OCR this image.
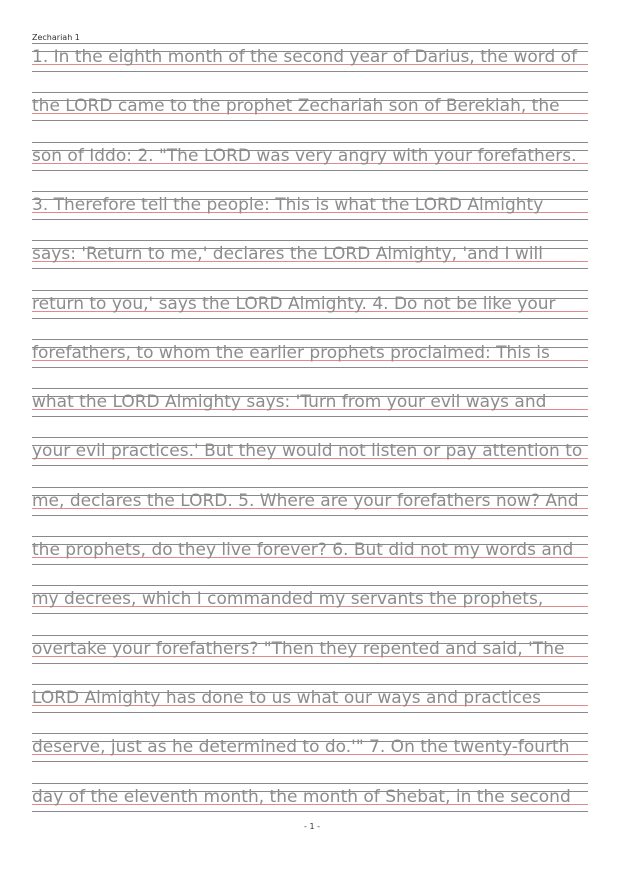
Zechariah 1
1. In the eighth month of the second year of Darius, the word of
the LORD came to the prophet Zechariah son of Berekiah, the
son of Iddo: 2. "The LORD was very angry with your forefathers.
3. Therefore tell the people: This is what the LORD Almighty
says: 'Return to me,' declares the LORD Almighty, 'and I will
return to you,' says the LORD Almighty. 4. Do not be like your
forefathers, to whom the earlier prophets proclaimed: This is
what the LORD Almighty says: 'Turn from your evil ways and
your evil practices.' But they would not listen or pay attention to
me, declares the LORD. 5. Where are your forefathers now? And
the prophets, do they live forever? 6. But did not my words and
my decrees, which I commanded my servants the prophets,
overtake your forefathers? "Then they repented and said, 'The
LORD Almighty has done to us what our ways and practices
deserve, just as he determined to do.'" 7. On the twenty-fourth
day of the eleventh month, the month of Shebat, in the second
- 1 -
